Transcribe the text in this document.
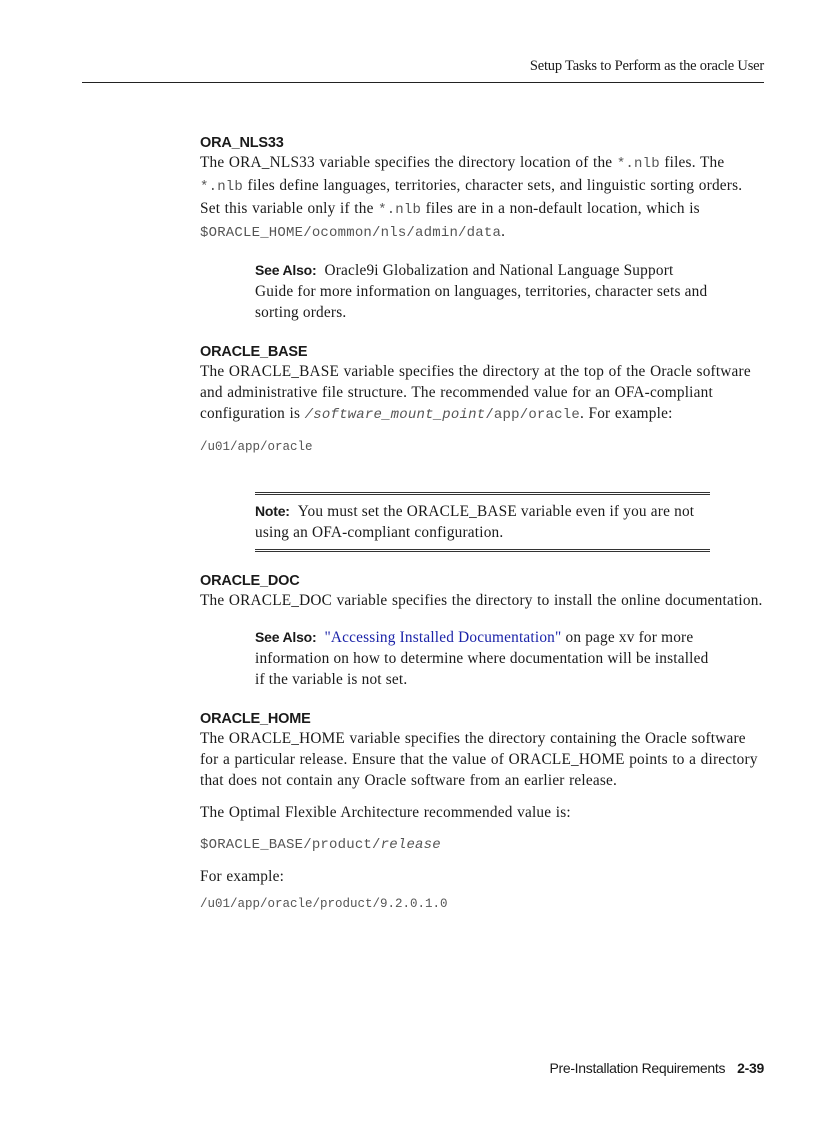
Setup Tasks to Perform as the oracle User
ORA_NLS33

The ORA_NLS33 variable specifies the directory location of the *.nlb files. The *.nlb files define languages, territories, character sets, and linguistic sorting orders. Set this variable only if the *.nlb files are in a non-default location, which is $ORACLE_HOME/ocommon/nls/admin/data.

See Also: Oracle9i Globalization and National Language Support Guide for more information on languages, territories, character sets and sorting orders.
ORACLE_BASE

The ORACLE_BASE variable specifies the directory at the top of the Oracle software and administrative file structure. The recommended value for an OFA-compliant configuration is /software_mount_point/app/oracle. For example:

/u01/app/oracle
Note: You must set the ORACLE_BASE variable even if you are not using an OFA-compliant configuration.
ORACLE_DOC

The ORACLE_DOC variable specifies the directory to install the online documentation.

See Also: "Accessing Installed Documentation" on page xv for more information on how to determine where documentation will be installed if the variable is not set.
ORACLE_HOME

The ORACLE_HOME variable specifies the directory containing the Oracle software for a particular release. Ensure that the value of ORACLE_HOME points to a directory that does not contain any Oracle software from an earlier release.

The Optimal Flexible Architecture recommended value is:

$ORACLE_BASE/product/release

For example:

/u01/app/oracle/product/9.2.0.1.0
Pre-Installation Requirements 2-39
